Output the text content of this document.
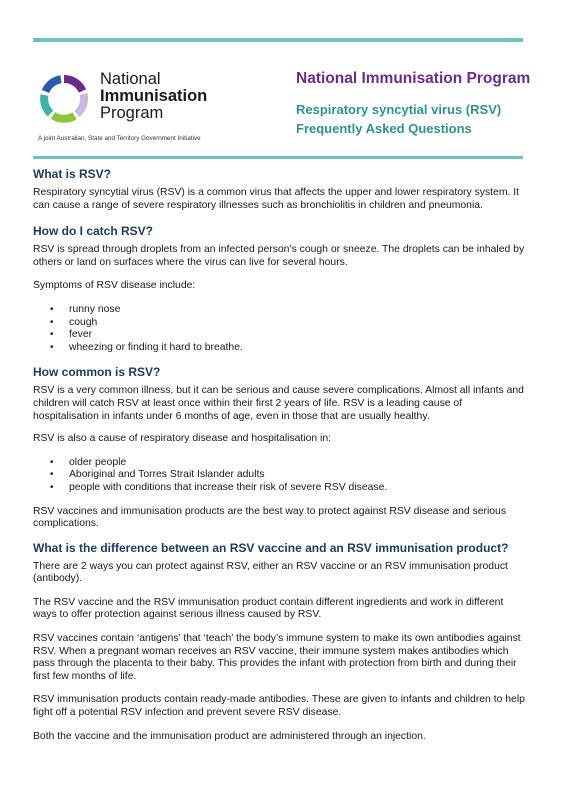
National
Immunisation
Program
A joint Australian, State and Territory Government Initiative
National Immunisation Program
Respiratory syncytial virus (RSV)
Frequently Asked Questions
What is RSV?

Respiratory syncytial virus (RSV) is a common virus that affects the upper and lower respiratory system. It can cause a range of severe respiratory illnesses such as bronchiolitis in children and pneumonia.

How do I catch RSV?

RSV is spread through droplets from an infected person’s cough or sneeze. The droplets can be inhaled by others or land on surfaces where the virus can live for several hours.

Symptoms of RSV disease include:

• runny nose
• cough
• fever
• wheezing or finding it hard to breathe.
How common is RSV?

RSV is a very common illness, but it can be serious and cause severe complications. Almost all infants and children will catch RSV at least once within their first 2 years of life. RSV is a leading cause of hospitalisation in infants under 6 months of age, even in those that are usually healthy.

RSV is also a cause of respiratory disease and hospitalisation in:

• older people
• Aboriginal and Torres Strait Islander adults
• people with conditions that increase their risk of severe RSV disease.

RSV vaccines and immunisation products are the best way to protect against RSV disease and serious complications.

What is the difference between an RSV vaccine and an RSV immunisation product?

There are 2 ways you can protect against RSV, either an RSV vaccine or an RSV immunisation product (antibody).

The RSV vaccine and the RSV immunisation product contain different ingredients and work in different ways to offer protection against serious illness caused by RSV.

RSV vaccines contain ‘antigens’ that ‘teach’ the body’s immune system to make its own antibodies against RSV. When a pregnant woman receives an RSV vaccine, their immune system makes antibodies which pass through the placenta to their baby. This provides the infant with protection from birth and during their first few months of life.

RSV immunisation products contain ready-made antibodies. These are given to infants and children to help fight off a potential RSV infection and prevent severe RSV disease.

Both the vaccine and the immunisation product are administered through an injection.
